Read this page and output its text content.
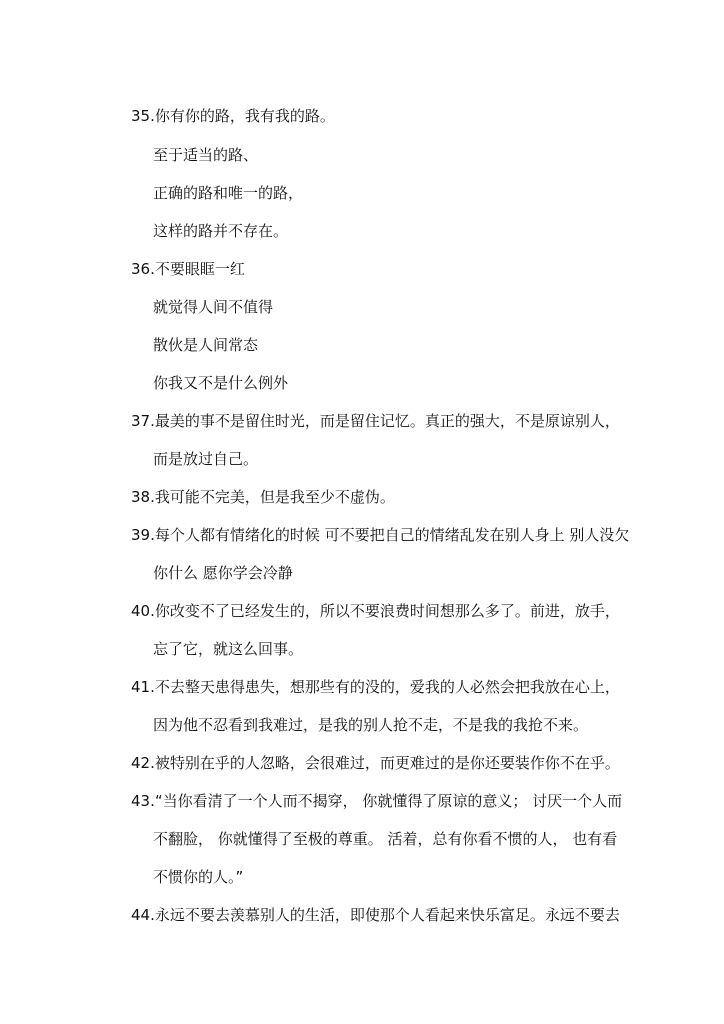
35.你有你的路，我有我的路。
至于适当的路、
正确的路和唯一的路，
这样的路并不存在。
36.不要眼眶一红
就觉得人间不值得
散伙是人间常态
你我又不是什么例外
37.最美的事不是留住时光，而是留住记忆。真正的强大，不是原谅别人，
而是放过自己。
38.我可能不完美，但是我至少不虚伪。
39.每个人都有情绪化的时候 可不要把自己的情绪乱发在别人身上 别人没欠
你什么 愿你学会冷静
40.你改变不了已经发生的，所以不要浪费时间想那么多了。前进，放手，
忘了它，就这么回事。
41.不去整天患得患失，想那些有的没的，爱我的人必然会把我放在心上，
因为他不忍看到我难过，是我的别人抢不走，不是我的我抢不来。
42.被特别在乎的人忽略，会很难过，而更难过的是你还要装作你不在乎。
43.“当你看清了一个人而不揭穿， 你就懂得了原谅的意义； 讨厌一个人而
不翻脸， 你就懂得了至极的尊重。 活着，总有你看不惯的人， 也有看
不惯你的人。”
44.永远不要去羡慕别人的生活，即使那个人看起来快乐富足。永远不要去
